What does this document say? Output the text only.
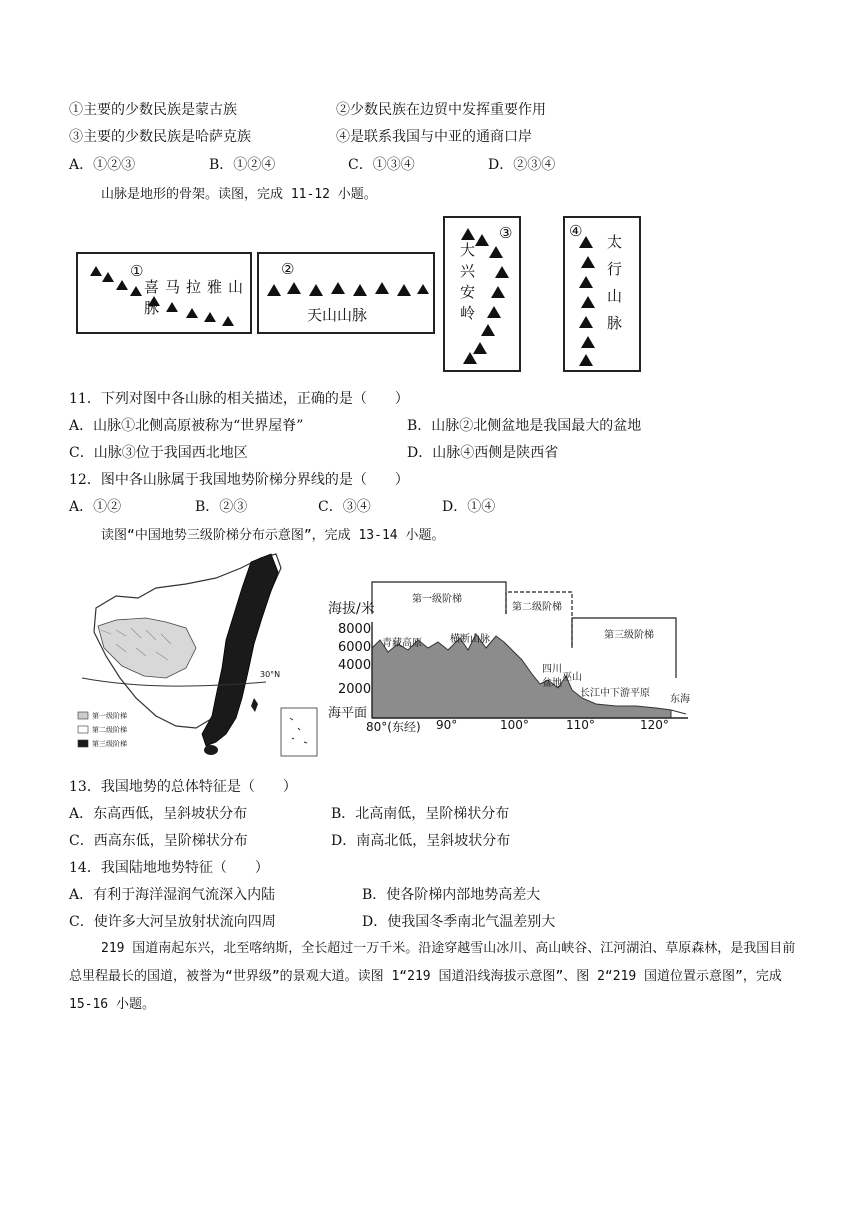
①主要的少数民族是蒙古族	②少数民族在边贸中发挥重要作用
③主要的少数民族是哈萨克族	④是联系我国与中亚的通商口岸
A．①②③	B．①②④	C．①③④	D．②③④
山脉是地形的骨架。读图，完成 11-12 小题。
①
喜马拉雅山脉
②
天山山脉
③
大兴安岭
④
太行山脉
11．下列对图中各山脉的相关描述，正确的是（　　）
A．山脉①北侧高原被称为“世界屋脊”	B．山脉②北侧盆地是我国最大的盆地
C．山脉③位于我国西北地区	D．山脉④西侧是陕西省
12．图中各山脉属于我国地势阶梯分界线的是（　　）
A．①②	B．②③	C．③④	D．①④
读图“中国地势三级阶梯分布示意图”，完成 13-14 小题。
30°N
第一级阶梯
第二级阶梯
第三级阶梯
海拔/米
8000
6000
4000
2000
海平面
80°(东经) 90°	100°	110°	120°
第一级阶梯
第二级阶梯
第三级阶梯
青藏高原	横断山脉
四川
盆地
巫山
长江中下游平原
东海
13．我国地势的总体特征是（　　）
A．东高西低，呈斜坡状分布	B．北高南低，呈阶梯状分布
C．西高东低，呈阶梯状分布	D．南高北低，呈斜坡状分布
14．我国陆地地势特征（　　）
A．有利于海洋湿润气流深入内陆	B．使各阶梯内部地势高差大
C．使许多大河呈放射状流向四周	D．使我国冬季南北气温差别大
219 国道南起东兴，北至喀纳斯，全长超过一万千米。沿途穿越雪山冰川、高山峡谷、江河湖泊、草原森林，是我国目前总里程最长的国道，被誉为“世界级”的景观大道。读图 1“219 国道沿线海拔示意图”、图 2“219 国道位置示意图”，完成 15-16 小题。
